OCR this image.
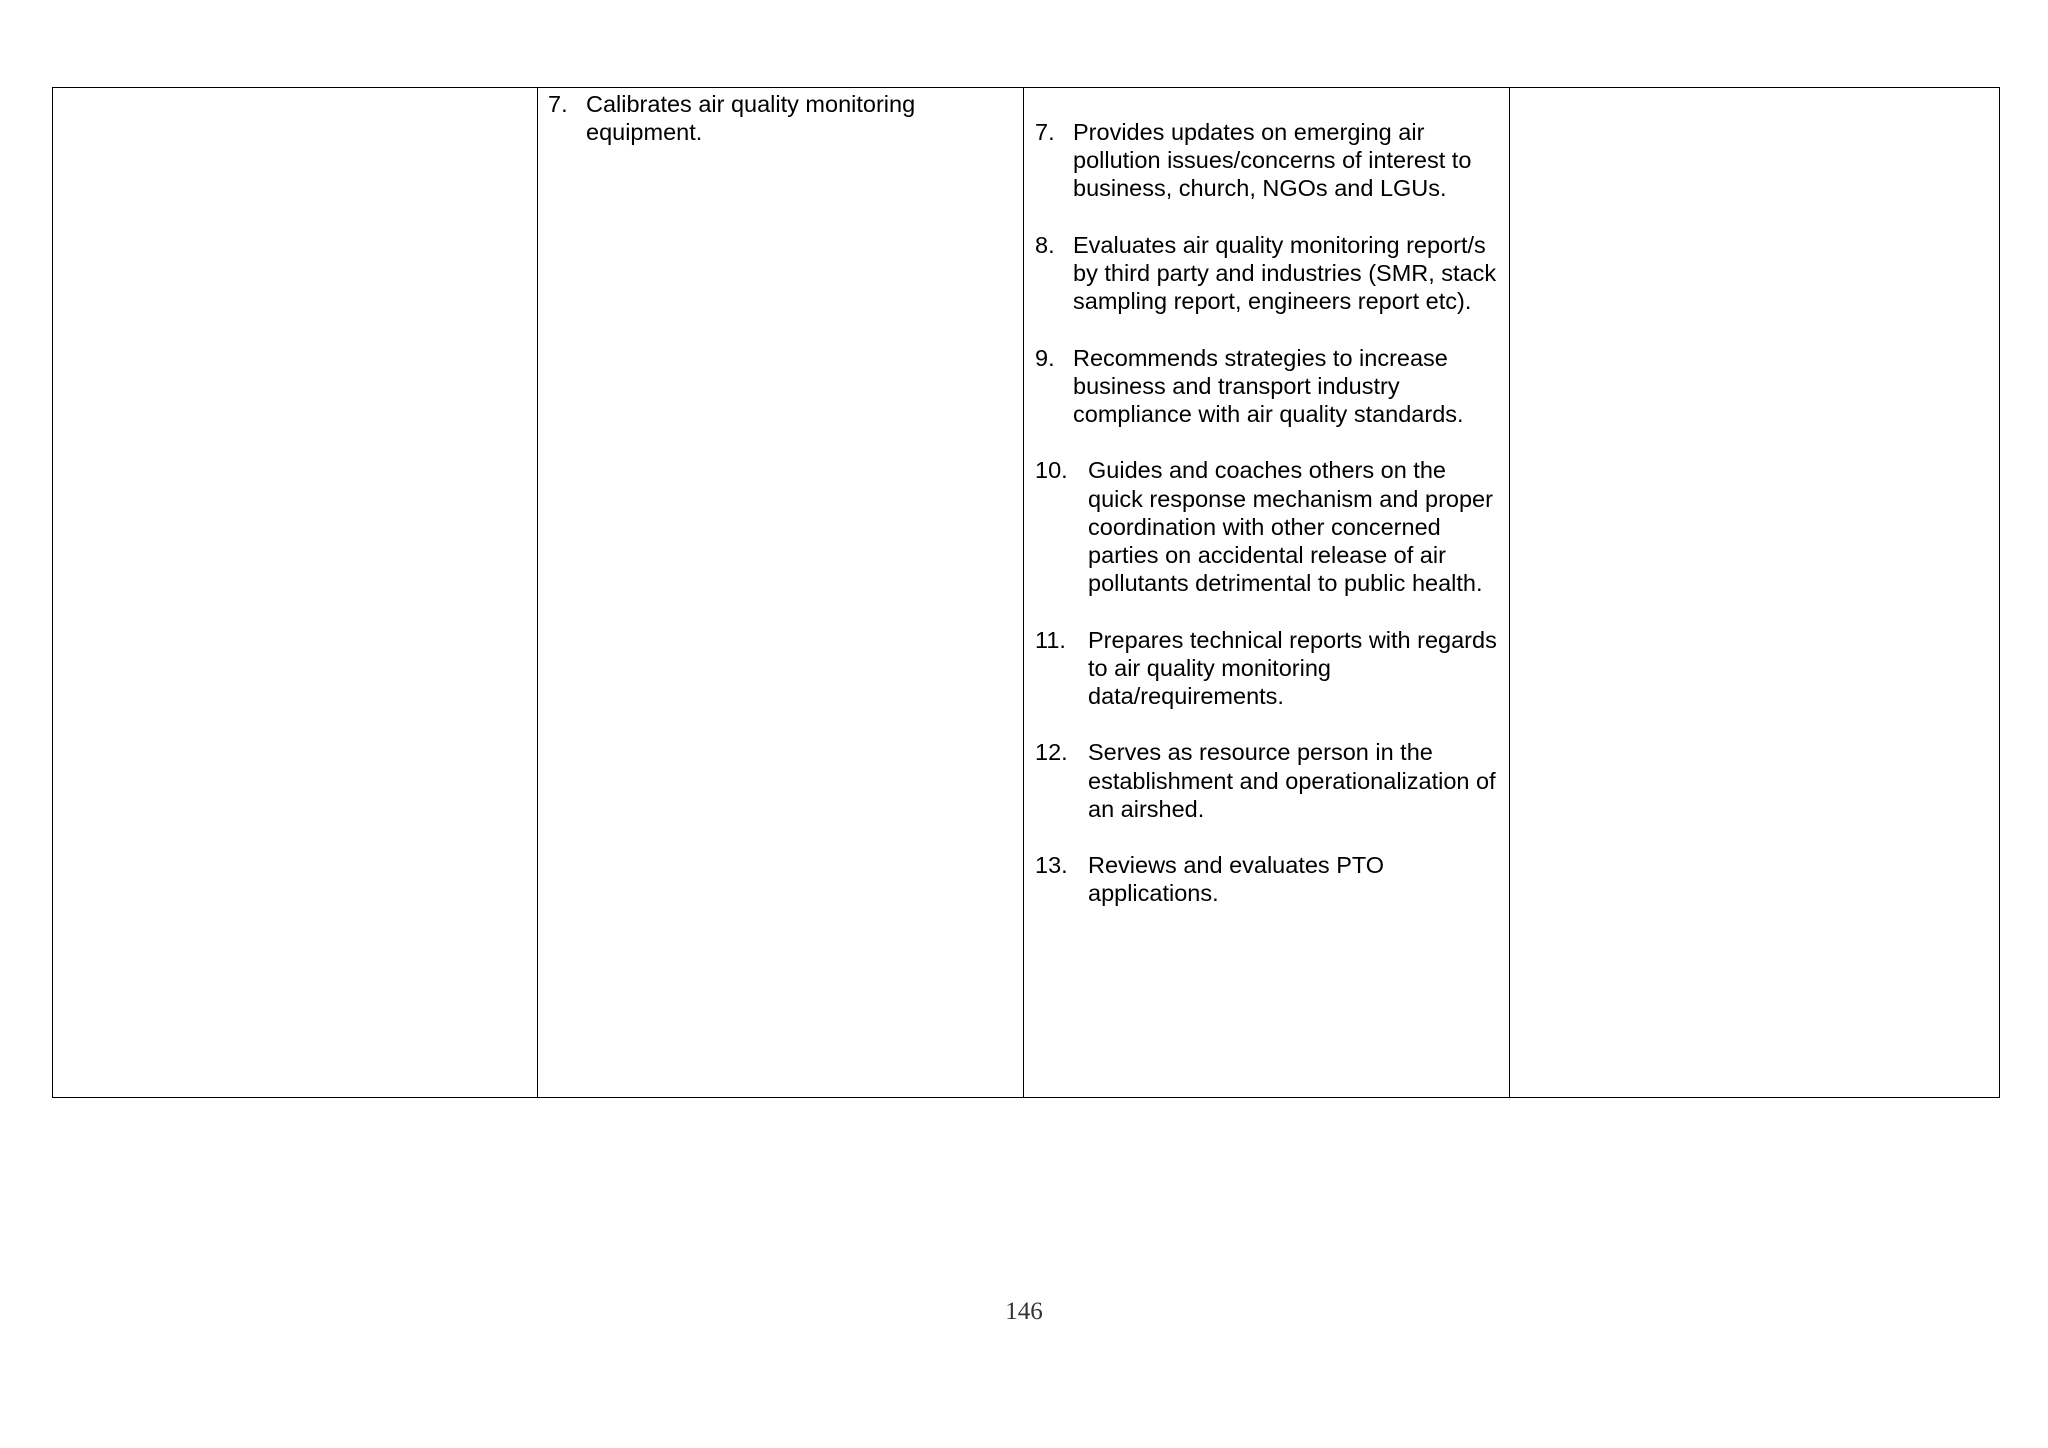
7. Calibrates air quality monitoring equipment.	7. Provides updates on emerging air pollution issues/concerns of interest to business, church, NGOs and LGUs.
8. Evaluates air quality monitoring report/s by third party and industries (SMR, stack sampling report, engineers report etc).
9. Recommends strategies to increase business and transport industry compliance with air quality standards.
10. Guides and coaches others on the quick response mechanism and proper coordination with other concerned parties on accidental release of air pollutants detrimental to public health.
11. Prepares technical reports with regards to air quality monitoring data/requirements.
12. Serves as resource person in the establishment and operationalization of an airshed.
13. Reviews and evaluates PTO applications.
146
